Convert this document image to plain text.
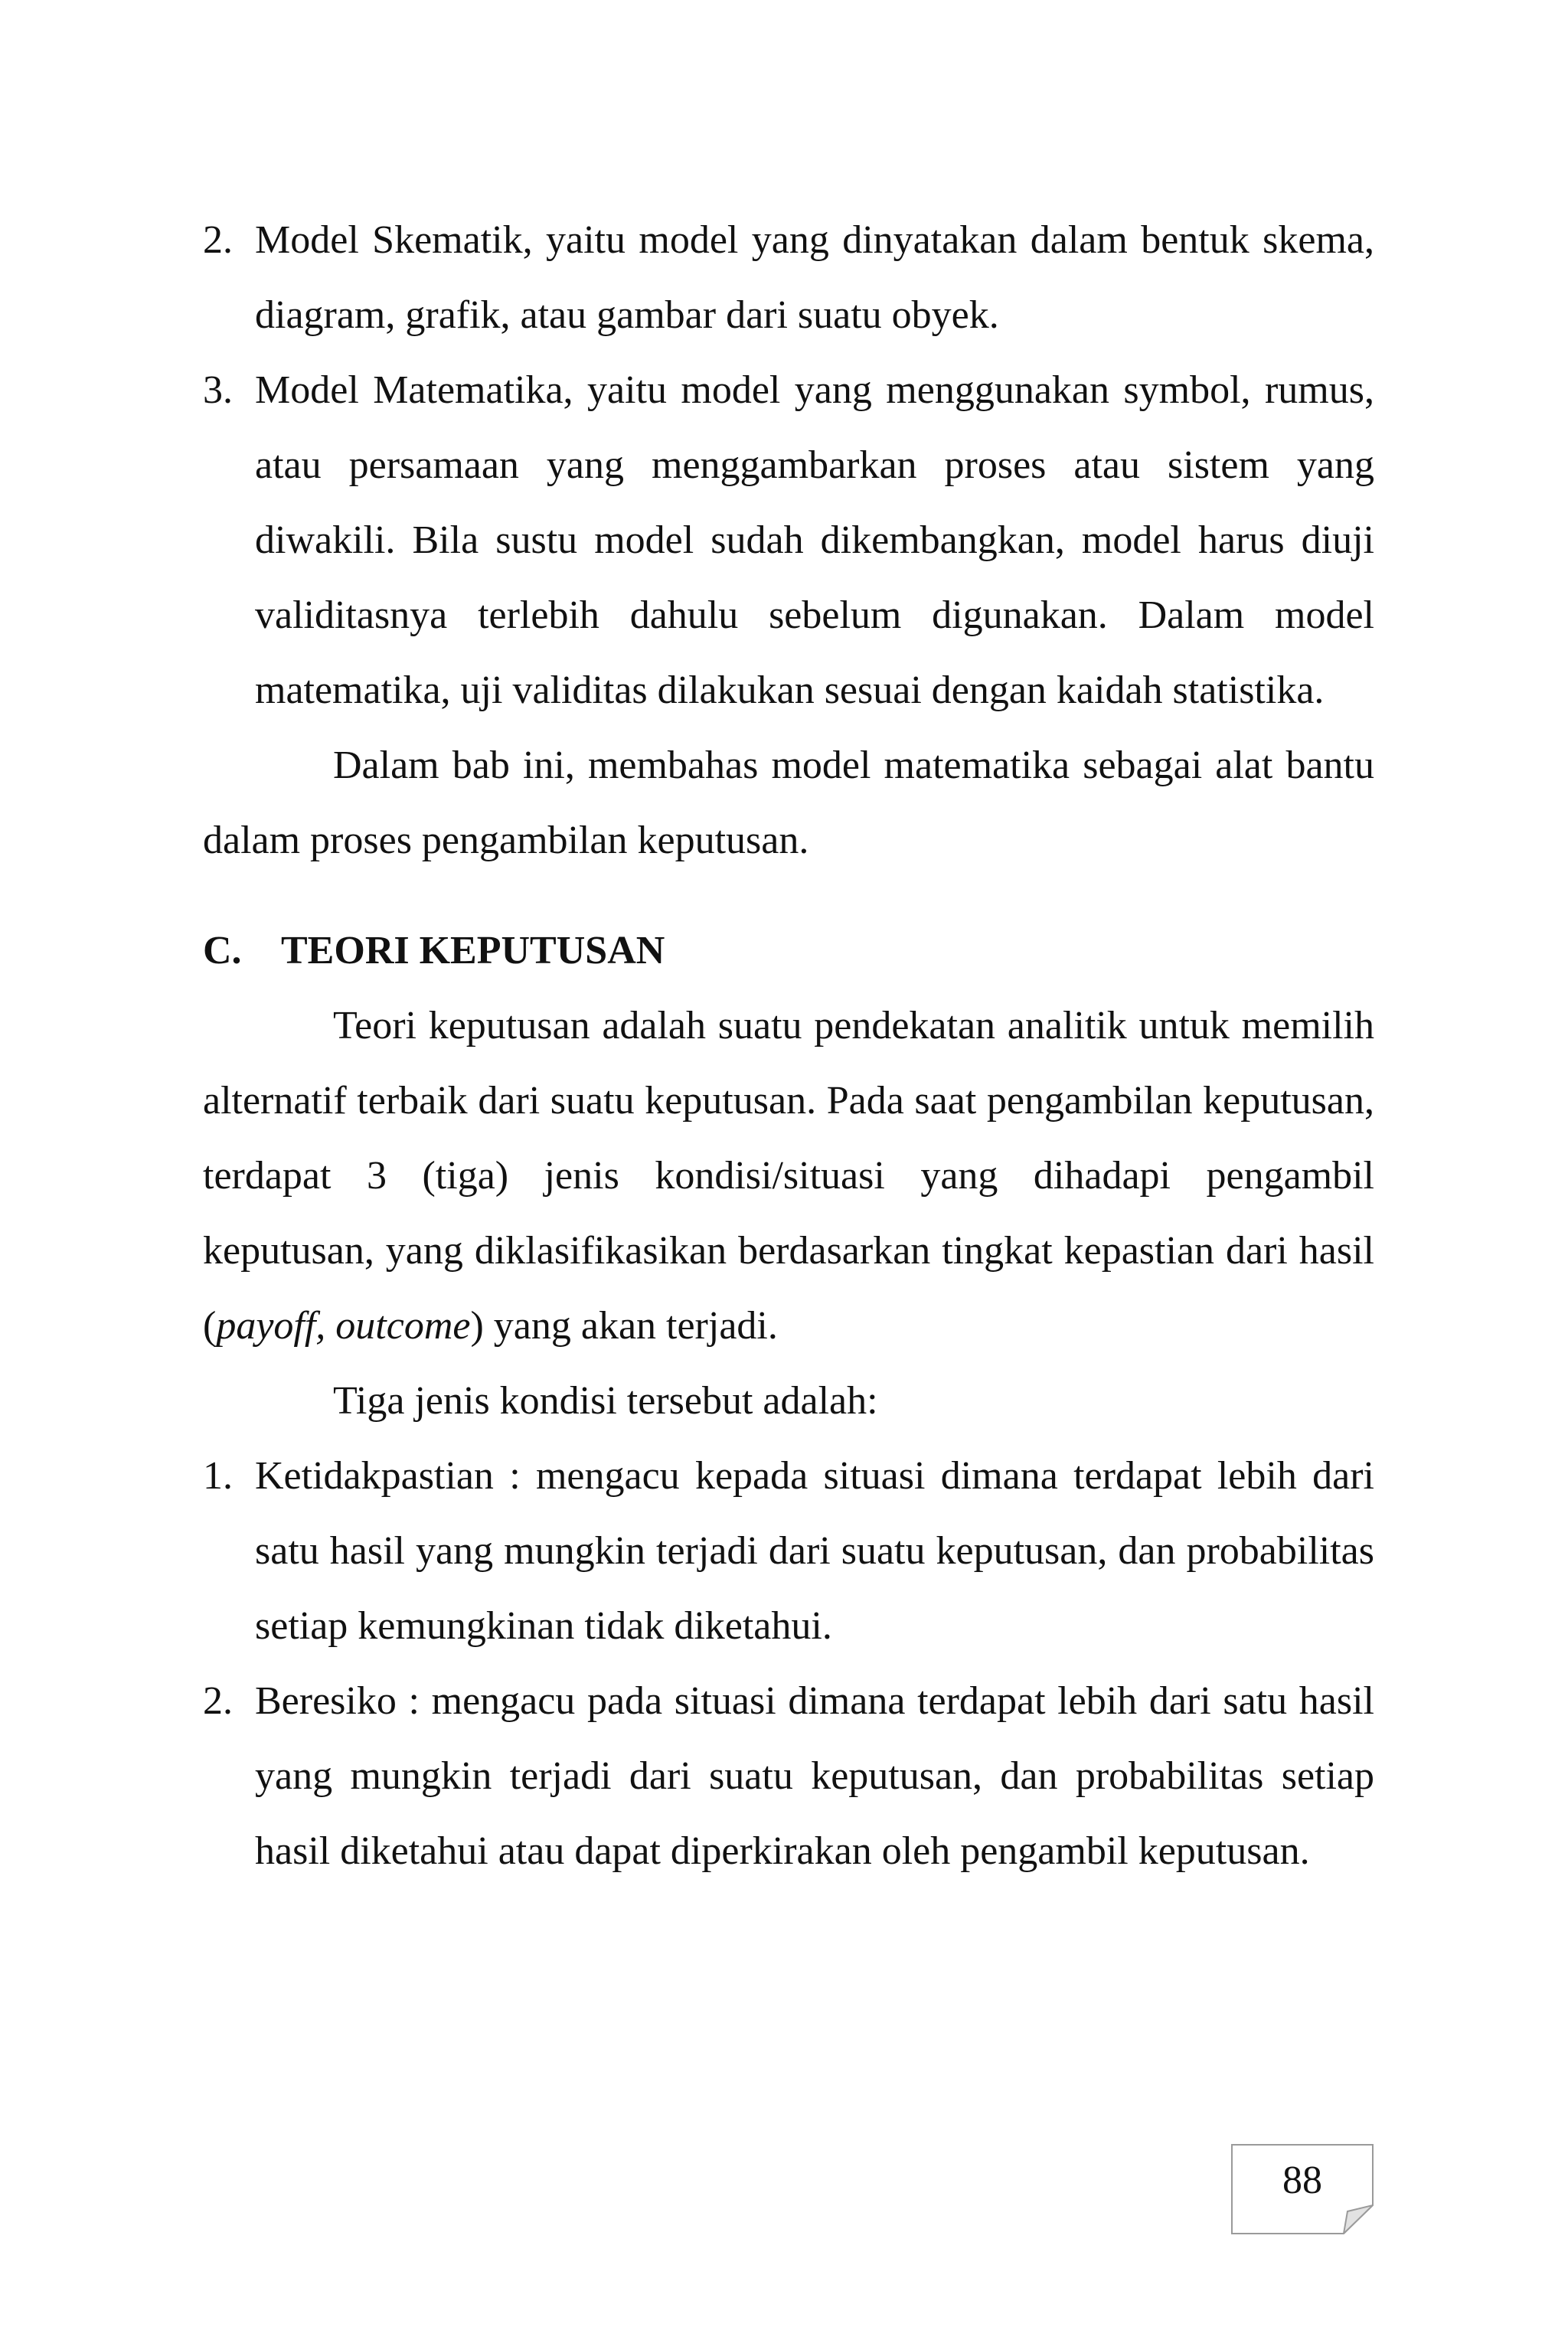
2. Model Skematik, yaitu model yang dinyatakan dalam bentuk skema, diagram, grafik, atau gambar dari suatu obyek.
3. Model Matematika, yaitu model yang menggunakan symbol, rumus, atau persamaan yang menggambarkan proses atau sistem yang diwakili. Bila sustu model sudah dikembangkan, model harus diuji validitasnya terlebih dahulu sebelum digunakan. Dalam model matematika, uji validitas dilakukan sesuai dengan kaidah statistika.

Dalam bab ini, membahas model matematika sebagai alat bantu dalam proses pengambilan keputusan.

C. TEORI KEPUTUSAN

Teori keputusan adalah suatu pendekatan analitik untuk memilih alternatif terbaik dari suatu keputusan. Pada saat pengambilan keputusan, terdapat 3 (tiga) jenis kondisi/situasi yang dihadapi pengambil keputusan, yang diklasifikasikan berdasarkan tingkat kepastian dari hasil (payoff, outcome) yang akan terjadi.

Tiga jenis kondisi tersebut adalah:

1. Ketidakpastian : mengacu kepada situasi dimana terdapat lebih dari satu hasil yang mungkin terjadi dari suatu keputusan, dan probabilitas setiap kemungkinan tidak diketahui.
2. Beresiko : mengacu pada situasi dimana terdapat lebih dari satu hasil yang mungkin terjadi dari suatu keputusan, dan probabilitas setiap hasil diketahui atau dapat diperkirakan oleh pengambil keputusan.
88
